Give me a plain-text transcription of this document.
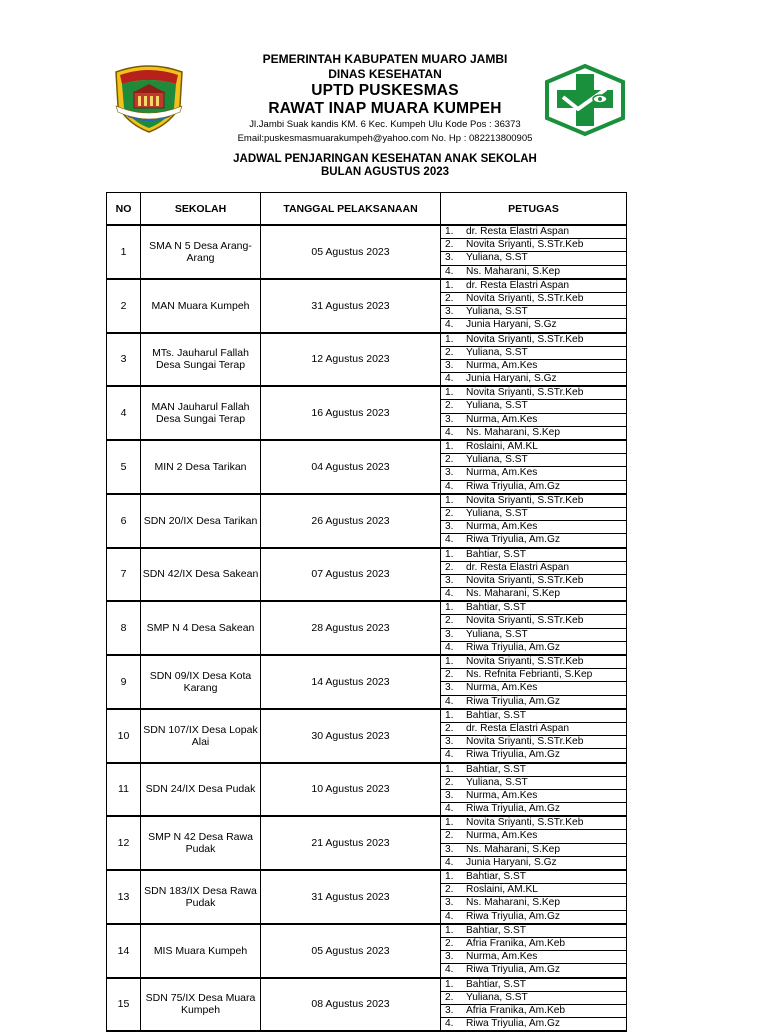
PEMERINTAH KABUPATEN MUARO JAMBI
DINAS KESEHATAN
UPTD PUSKESMAS
RAWAT INAP MUARA KUMPEH
Jl.Jambi Suak kandis KM. 6 Kec. Kumpeh Ulu Kode Pos : 36373
Email:puskesmasmuarakumpeh@yahoo.com No. Hp : 082213800905
JADWAL PENJARINGAN KESEHATAN ANAK SEKOLAH
BULAN AGUSTUS 2023
NO	SEKOLAH	TANGGAL PELAKSANAAN	PETUGAS
1	SMA N 5 Desa Arang-Arang	05 Agustus 2023	1. dr. Resta Elastri Aspan
2. Novita Sriyanti, S.STr.Keb
3. Yuliana, S.ST
4. Ns. Maharani, S.Kep

2	MAN Muara Kumpeh	31 Agustus 2023	1. dr. Resta Elastri Aspan
2. Novita Sriyanti, S.STr.Keb
3. Yuliana, S.ST
4. Junia Haryani, S.Gz

3	MTs. Jauharul Fallah Desa Sungai Terap	12 Agustus 2023	1. Novita Sriyanti, S.STr.Keb
2. Yuliana, S.ST
3. Nurma, Am.Kes
4. Junia Haryani, S.Gz

4	MAN Jauharul Fallah Desa Sungai Terap	16 Agustus 2023	1. Novita Sriyanti, S.STr.Keb
2. Yuliana, S.ST
3. Nurma, Am.Kes
4. Ns. Maharani, S.Kep

5	MIN 2 Desa Tarikan	04 Agustus 2023	1. Roslaini, AM.KL
2. Yuliana, S.ST
3. Nurma, Am.Kes
4. Riwa Triyulia, Am.Gz

6	SDN 20/IX Desa Tarikan	26 Agustus 2023	1. Novita Sriyanti, S.STr.Keb
2. Yuliana, S.ST
3. Nurma, Am.Kes
4. Riwa Triyulia, Am.Gz

7	SDN 42/IX Desa Sakean	07 Agustus 2023	1. Bahtiar, S.ST
2. dr. Resta Elastri Aspan
3. Novita Sriyanti, S.STr.Keb
4. Ns. Maharani, S.Kep

8	SMP N 4 Desa Sakean	28 Agustus 2023	1. Bahtiar, S.ST
2. Novita Sriyanti, S.STr.Keb
3. Yuliana, S.ST
4. Riwa Triyulia, Am.Gz

9	SDN 09/IX Desa Kota Karang	14 Agustus 2023	1. Novita Sriyanti, S.STr.Keb
2. Ns. Refnita Febrianti, S.Kep
3. Nurma, Am.Kes
4. Riwa Triyulia, Am.Gz

10	SDN 107/IX Desa Lopak Alai	30 Agustus 2023	1. Bahtiar, S.ST
2. dr. Resta Elastri Aspan
3. Novita Sriyanti, S.STr.Keb
4. Riwa Triyulia, Am.Gz

11	SDN 24/IX Desa Pudak	10 Agustus 2023	1. Bahtiar, S.ST
2. Yuliana, S.ST
3. Nurma, Am.Kes
4. Riwa Triyulia, Am.Gz

12	SMP N 42 Desa Rawa Pudak	21 Agustus 2023	1. Novita Sriyanti, S.STr.Keb
2. Nurma, Am.Kes
3. Ns. Maharani, S.Kep
4. Junia Haryani, S.Gz

13	SDN 183/IX Desa Rawa Pudak	31 Agustus 2023	1. Bahtiar, S.ST
2. Roslaini, AM.KL
3. Ns. Maharani, S.Kep
4. Riwa Triyulia, Am.Gz

14	MIS Muara Kumpeh	05 Agustus 2023	1. Bahtiar, S.ST
2. Afria Franika, Am.Keb
3. Nurma, Am.Kes
4. Riwa Triyulia, Am.Gz

15	SDN 75/IX Desa Muara Kumpeh	08 Agustus 2023	1. Bahtiar, S.ST
2. Yuliana, S.ST
3. Afria Franika, Am.Keb
4. Riwa Triyulia, Am.Gz
